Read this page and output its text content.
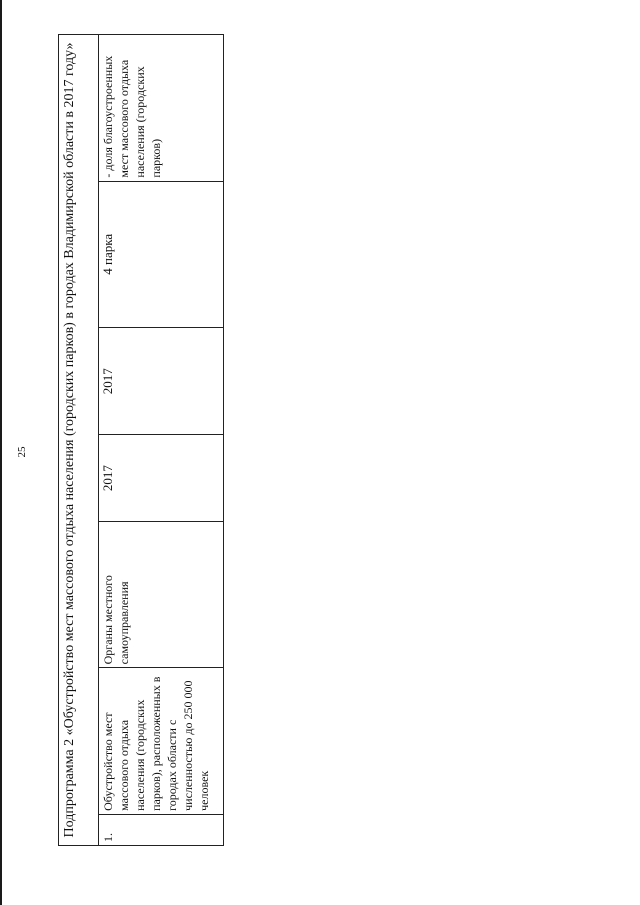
25 Подпрограмма 2 «Обустройство мест массового отдыха населения (городских парков) в городах Владимирской области в 2017 году»
1.	Обустройство мест массового отдыха населения (городских парков), расположенных в городах области с численностью до 250 000 человек	Органы местного самоуправления	2017	2017	4 парка	- доля благоустроенных мест массового отдыха населения (городских парков)
